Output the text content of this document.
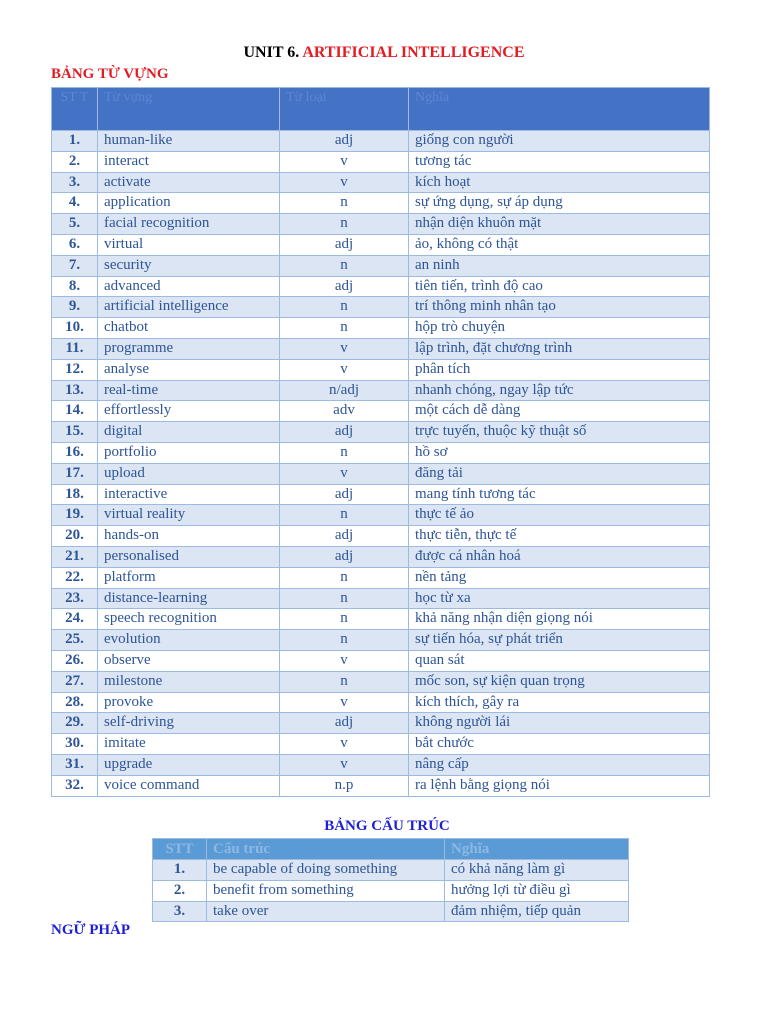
UNIT 6. ARTIFICIAL INTELLIGENCE
BẢNG TỪ VỰNG
ST T	Từ vựng	Từ loại	Nghĩa
1.	human-like	adj	giống con người
2.	interact	v	tương tác
3.	activate	v	kích hoạt
4.	application	n	sự ứng dụng, sự áp dụng
5.	facial recognition	n	nhận diện khuôn mặt
6.	virtual	adj	ảo, không có thật
7.	security	n	an ninh
8.	advanced	adj	tiên tiến, trình độ cao
9.	artificial intelligence	n	trí thông minh nhân tạo
10.	chatbot	n	hộp trò chuyện
11.	programme	v	lập trình, đặt chương trình
12.	analyse	v	phân tích
13.	real-time	n/adj	nhanh chóng, ngay lập tức
14.	effortlessly	adv	một cách dễ dàng
15.	digital	adj	trực tuyến, thuộc kỹ thuật số
16.	portfolio	n	hồ sơ
17.	upload	v	đăng tải
18.	interactive	adj	mang tính tương tác
19.	virtual reality	n	thực tế ảo
20.	hands-on	adj	thực tiễn, thực tế
21.	personalised	adj	được cá nhân hoá
22.	platform	n	nền tảng
23.	distance-learning	n	học từ xa
24.	speech recognition	n	khả năng nhận diện giọng nói
25.	evolution	n	sự tiến hóa, sự phát triển
26.	observe	v	quan sát
27.	milestone	n	mốc son, sự kiện quan trọng
28.	provoke	v	kích thích, gây ra
29.	self-driving	adj	không người lái
30.	imitate	v	bắt chước
31.	upgrade	v	nâng cấp
32.	voice command	n.p	ra lệnh bằng giọng nói
BẢNG CẤU TRÚC
STT	Cấu trúc	Nghĩa
1.	be capable of doing something	có khả năng làm gì
2.	benefit from something	hưởng lợi từ điều gì
3.	take over	đảm nhiệm, tiếp quản
NGỮ PHÁP
